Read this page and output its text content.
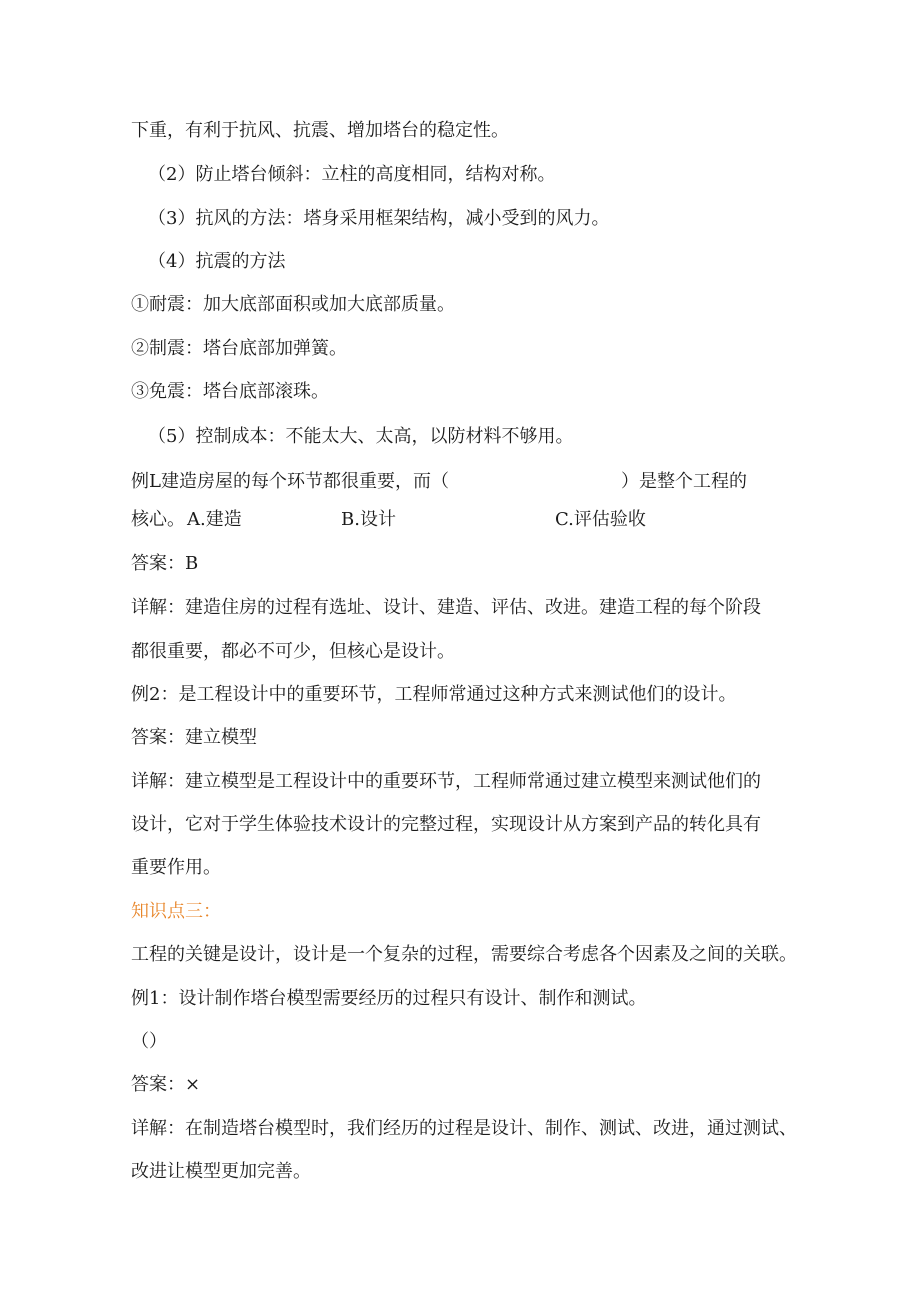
下重，有利于抗风、抗震、增加塔台的稳定性。
（2）防止塔台倾斜：立柱的高度相同，结构对称。
（3）抗风的方法：塔身采用框架结构，减小受到的风力。
（4）抗震的方法
①耐震：加大底部面积或加大底部质量。
②制震：塔台底部加弹簧。
③免震：塔台底部滚珠。
（5）控制成本：不能太大、太高，以防材料不够用。
例L建造房屋的每个环节都很重要，而（	）是整个工程的
核心。 A.建造	B.设计	C.评估验收
答案：B
详解：建造住房的过程有选址、设计、建造、评估、改进。建造工程的每个阶段
都很重要，都必不可少，但核心是设计。
例2：是工程设计中的重要环节，工程师常通过这种方式来测试他们的设计。
答案：建立模型
详解：建立模型是工程设计中的重要环节，工程师常通过建立模型来测试他们的
设计，它对于学生体验技术设计的完整过程，实现设计从方案到产品的转化具有
重要作用。
知识点三：
工程的关键是设计，设计是一个复杂的过程，需要综合考虑各个因素及之间的关联。
例1：设计制作塔台模型需要经历的过程只有设计、制作和测试。
（）
答案：×
详解：在制造塔台模型时，我们经历的过程是设计、制作、测试、改进，通过测试、
改进让模型更加完善。
